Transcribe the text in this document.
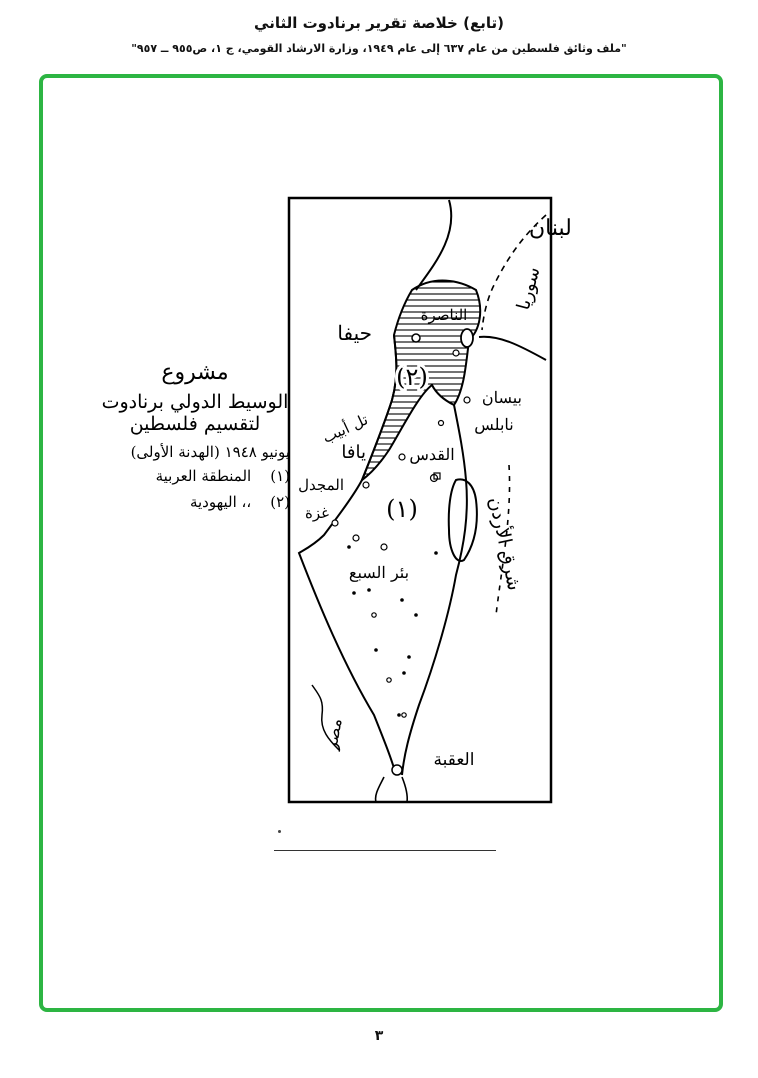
(تابع) خلاصة تقرير برنادوت الثاني
"ملف وثائق فلسطين من عام ٦٣٧ إلى عام ١٩٤٩، وزارة الارشاد القومي، ج ١، ص٩٥٥ ــ ٩٥٧"
لبنان
سوريا
الناصرة
حيفا
(٢)
بيسان
تل أبيب	نابلس
يافا	القدس
شرق الأردن
المجدل
غزة (١)
بئر السبع
مصر
العقبة
مشروع
الوسيط الدولي برنادوت
لتقسيم فلسطين
يونيو ١٩٤٨ (الهدنة الأولى)
(١) المنطقة العربية
(٢) ،، اليهودية
٣
